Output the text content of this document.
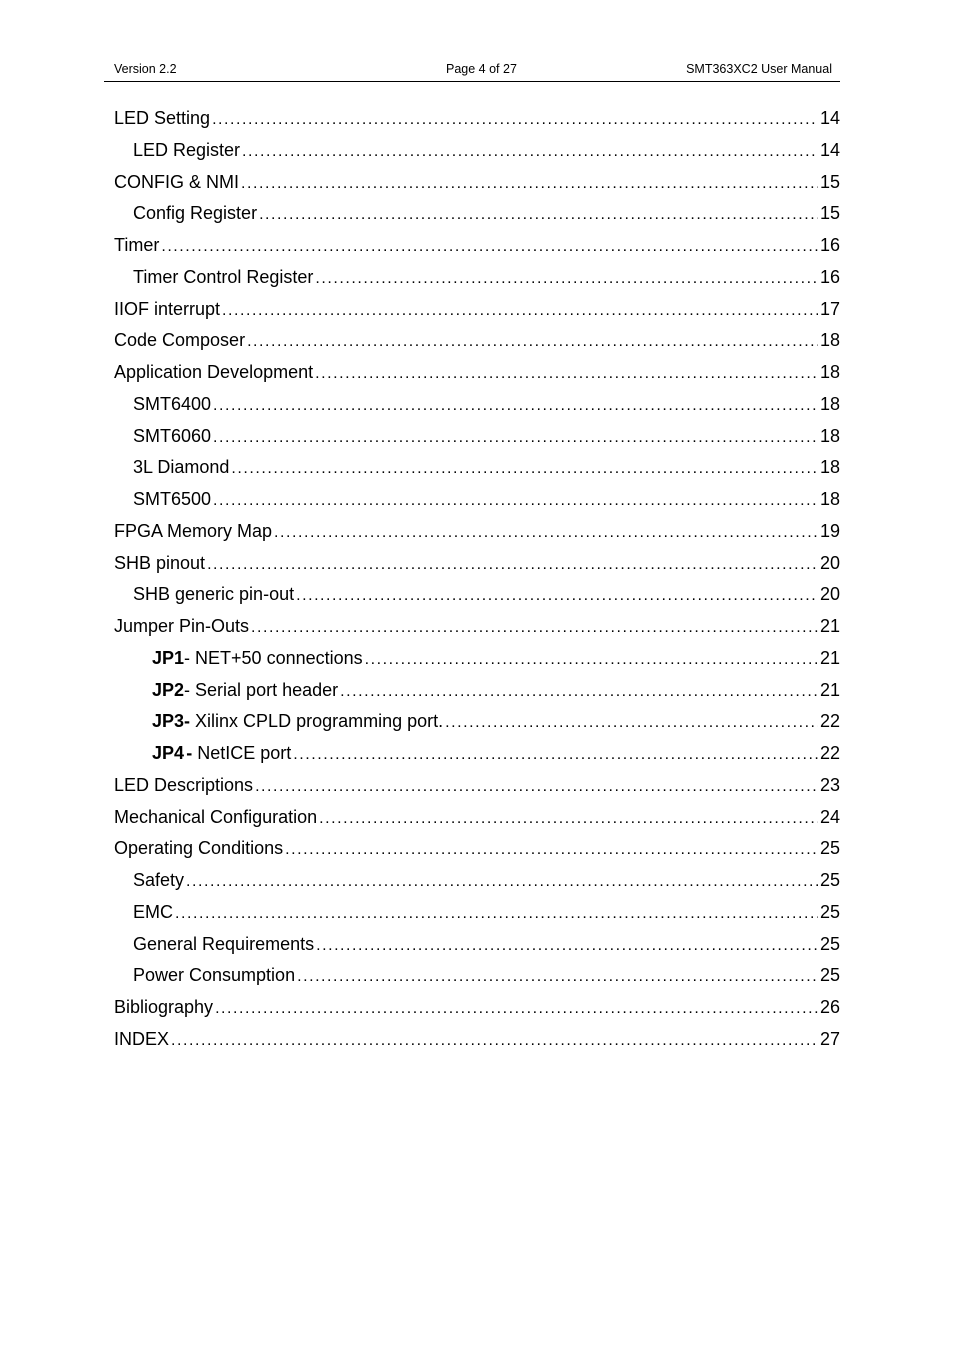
Version 2.2	Page 4 of 27	SMT363XC2 User Manual
LED Setting . . .	14
LED Register . . .	14
CONFIG & NMI . . .	15
Config Register . . .	15
Timer . . .	16
Timer Control Register . . .	16
IIOF interrupt . . .	17
Code Composer . . .	18
Application Development . . .	18
SMT6400 . . .	18
SMT6060 . . .	18
3L Diamond . . .	18
SMT6500 . . .	18
FPGA Memory Map . . .	19
SHB pinout . . .	20
SHB generic pin-out . . .	20
Jumper Pin-Outs . . .	21
JP1 - NET+50 connections . . .	21
JP2 - Serial port header . . .	21
JP3 - Xilinx CPLD programming port. . . .	22
JP4 - NetICE port . . .	22
LED Descriptions . . .	23
Mechanical Configuration . . .	24
Operating Conditions . . .	25
Safety . . .	25
EMC . . .	25
General Requirements . . .	25
Power Consumption . . .	25
Bibliography . . .	26
INDEX . . .	27
